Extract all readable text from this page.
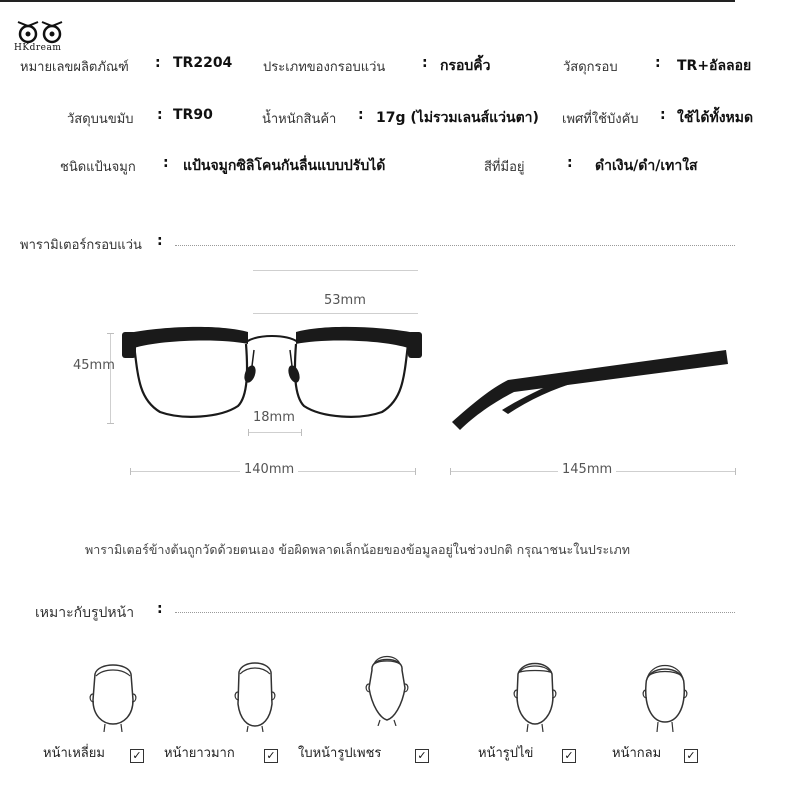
HKdream
หมายเลขผลิตภัณฑ์ : TR2204 ประเภทของกรอบแว่น	: กรอบคิ้ว	วัสดุกรอบ	: TR+อัลลอย
วัสดุบนขมับ : TR90	น้ำหนักสินค้า : 17g (ไม่รวมเลนส์แว่นตา) เพศที่ใช้บังคับ : ใช้ได้ทั้งหมด
ชนิดแป้นจมูก : แป้นจมูกซิลิโคนกันลื่นแบบปรับได้	สีที่มีอยู่	: ดำเงิน/ดำ/เทาใส
พารามิเตอร์กรอบแว่น :
53mm
45mm
18mm
140mm	145mm
พารามิเตอร์ข้างต้นถูกวัดด้วยตนเอง ข้อผิดพลาดเล็กน้อยของข้อมูลอยู่ในช่วงปกติ กรุณาชนะในประเภท
เหมาะกับรูปหน้า :
หน้าเหลี่ยม ✓ หน้ายาวมาก	✓ ใบหน้ารูปเพชร	✓	หน้ารูปไข่	✓	หน้ากลม ✓
